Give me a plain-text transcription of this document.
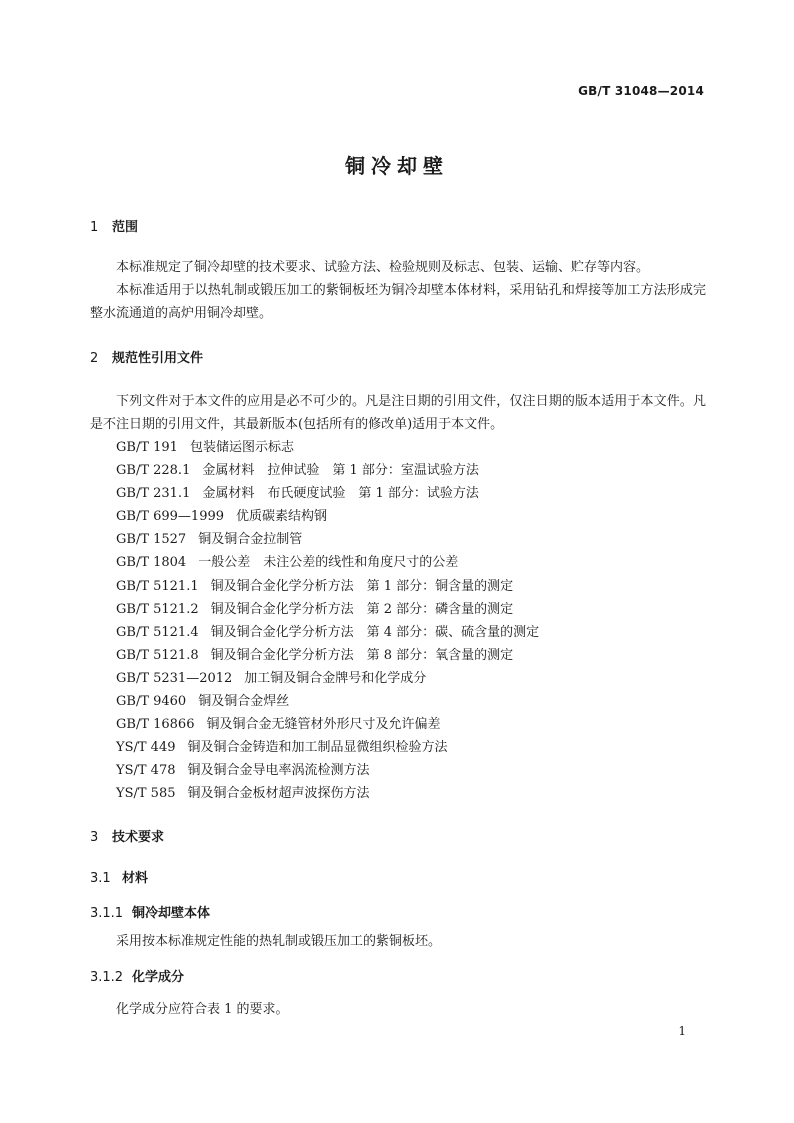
GB/T 31048—2014
铜冷却壁
1 范围
本标准规定了铜冷却壁的技术要求、试验方法、检验规则及标志、包装、运输、贮存等内容。
本标准适用于以热轧制或锻压加工的紫铜板坯为铜冷却壁本体材料，采用钻孔和焊接等加工方法形成完整水流通道的高炉用铜冷却壁。
2 规范性引用文件
下列文件对于本文件的应用是必不可少的。凡是注日期的引用文件，仅注日期的版本适用于本文件。凡是不注日期的引用文件，其最新版本(包括所有的修改单)适用于本文件。
GB/T 191 包装储运图示标志
GB/T 228.1 金属材料　拉伸试验　第 1 部分：室温试验方法
GB/T 231.1 金属材料　布氏硬度试验　第 1 部分：试验方法
GB/T 699—1999 优质碳素结构钢
GB/T 1527 铜及铜合金拉制管
GB/T 1804 一般公差　未注公差的线性和角度尺寸的公差
GB/T 5121.1 铜及铜合金化学分析方法　第 1 部分：铜含量的测定
GB/T 5121.2 铜及铜合金化学分析方法　第 2 部分：磷含量的测定
GB/T 5121.4 铜及铜合金化学分析方法　第 4 部分：碳、硫含量的测定
GB/T 5121.8 铜及铜合金化学分析方法　第 8 部分：氧含量的测定
GB/T 5231—2012 加工铜及铜合金牌号和化学成分
GB/T 9460 铜及铜合金焊丝
GB/T 16866 铜及铜合金无缝管材外形尺寸及允许偏差
YS/T 449 铜及铜合金铸造和加工制品显微组织检验方法
YS/T 478 铜及铜合金导电率涡流检测方法
YS/T 585 铜及铜合金板材超声波探伤方法
3 技术要求
3.1 材料
3.1.1 铜冷却壁本体
采用按本标准规定性能的热轧制或锻压加工的紫铜板坯。
3.1.2 化学成分
化学成分应符合表 1 的要求。
1
